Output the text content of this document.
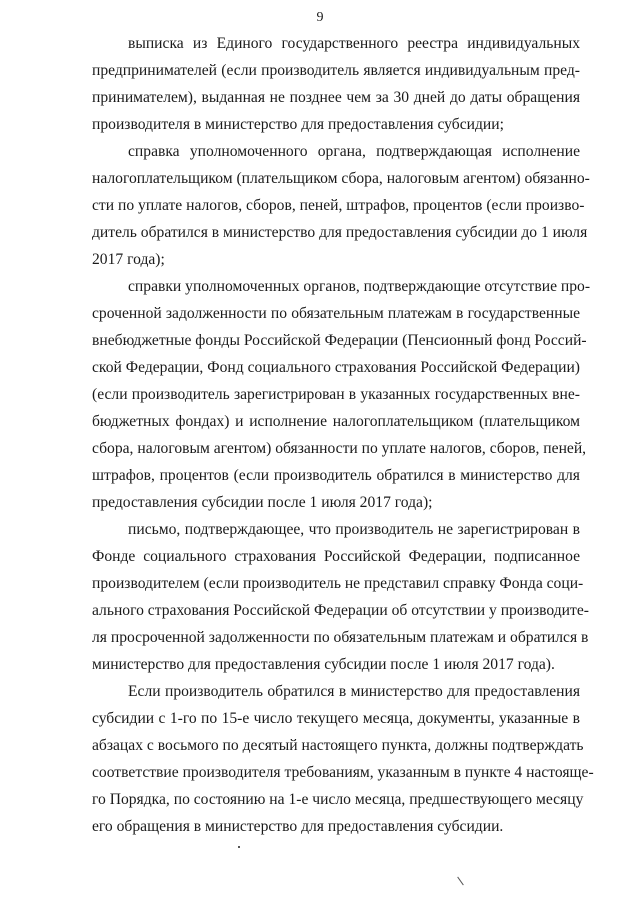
9
выписка из Единого государственного реестра индивидуальных
предпринимателей (если производитель является индивидуальным пред-
принимателем), выданная не позднее чем за 30 дней до даты обращения
производителя в министерство для предоставления субсидии;
справка уполномоченного органа, подтверждающая исполнение
налогоплательщиком (плательщиком сбора, налоговым агентом) обязанно-
сти по уплате налогов, сборов, пеней, штрафов, процентов (если произво-
дитель обратился в министерство для предоставления субсидии до 1 июля
2017 года);
справки уполномоченных органов, подтверждающие отсутствие про-
сроченной задолженности по обязательным платежам в государственные
внебюджетные фонды Российской Федерации (Пенсионный фонд Россий-
ской Федерации, Фонд социального страхования Российской Федерации)
(если производитель зарегистрирован в указанных государственных вне-
бюджетных фондах) и исполнение налогоплательщиком (плательщиком
сбора, налоговым агентом) обязанности по уплате налогов, сборов, пеней,
штрафов, процентов (если производитель обратился в министерство для
предоставления субсидии после 1 июля 2017 года);
письмо, подтверждающее, что производитель не зарегистрирован в
Фонде социального страхования Российской Федерации, подписанное
производителем (если производитель не представил справку Фонда соци-
ального страхования Российской Федерации об отсутствии у производите-
ля просроченной задолженности по обязательным платежам и обратился в
министерство для предоставления субсидии после 1 июля 2017 года).
Если производитель обратился в министерство для предоставления
субсидии с 1-го по 15-е число текущего месяца, документы, указанные в
абзацах с восьмого по десятый настоящего пункта, должны подтверждать
соответствие производителя требованиям, указанным в пункте 4 настояще-
го Порядка, по состоянию на 1-е число месяца, предшествующего месяцу
его обращения в министерство для предоставления субсидии.
